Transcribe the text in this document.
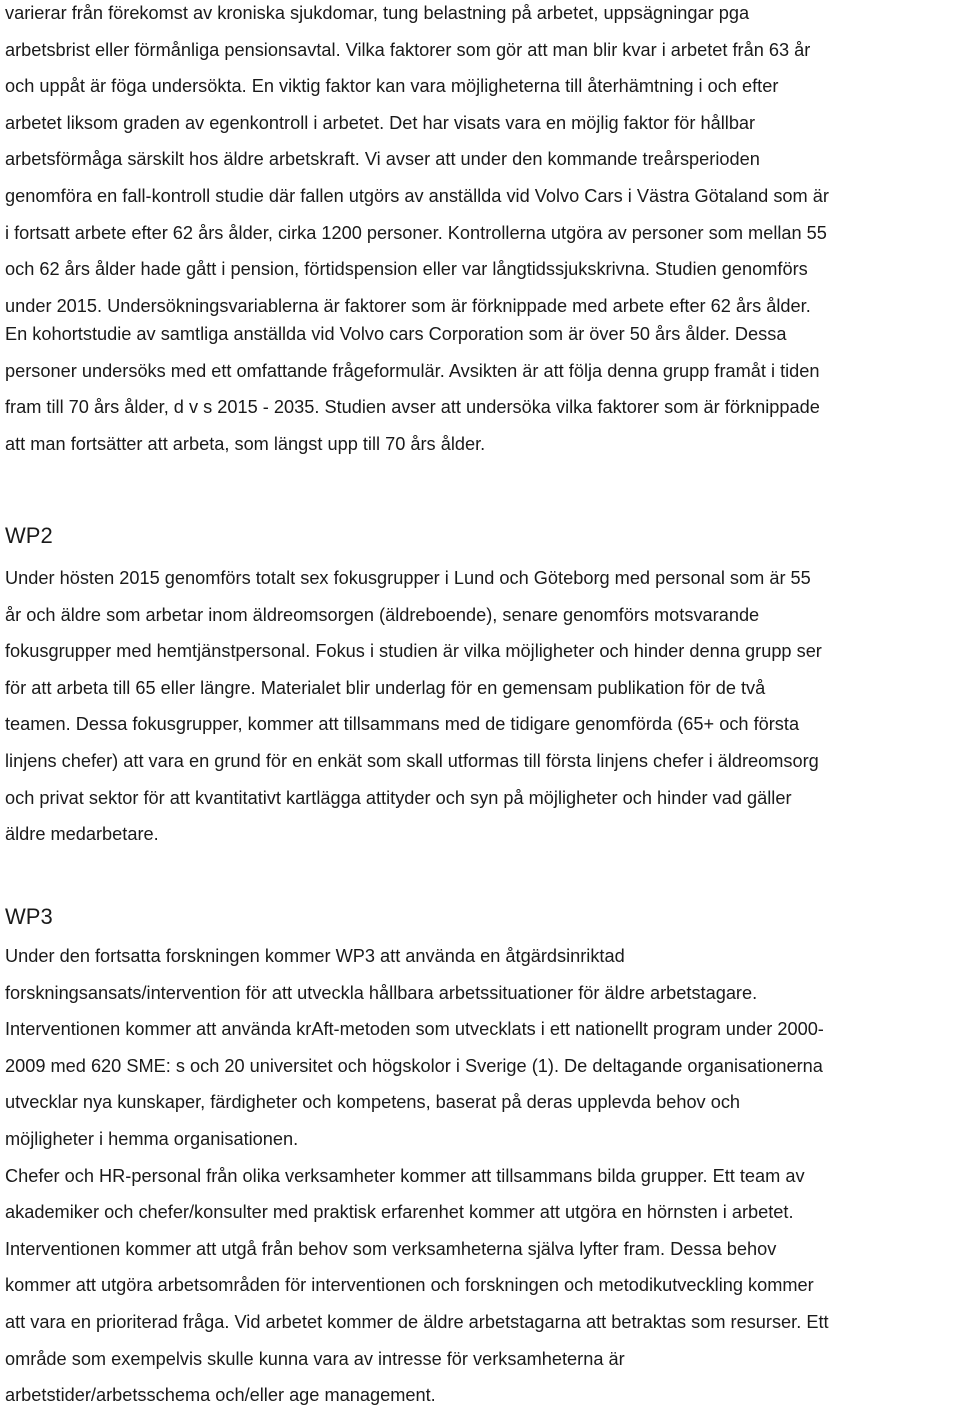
varierar från förekomst av kroniska sjukdomar, tung belastning på arbetet, uppsägningar pga
arbetsbrist eller förmånliga pensionsavtal. Vilka faktorer som gör att man blir kvar i arbetet från 63 år
och uppåt är föga undersökta. En viktig faktor kan vara möjligheterna till återhämtning i och efter
arbetet liksom graden av egenkontroll i arbetet. Det har visats vara en möjlig faktor för hållbar
arbetsförmåga särskilt hos äldre arbetskraft. Vi avser att under den kommande treårsperioden
genomföra en fall-kontroll studie där fallen utgörs av anställda vid Volvo Cars i Västra Götaland som är
i fortsatt arbete efter 62 års ålder, cirka 1200 personer. Kontrollerna utgöra av personer som mellan 55
och 62 års ålder hade gått i pension, förtidspension eller var långtidssjukskrivna. Studien genomförs
under 2015. Undersökningsvariablerna är faktorer som är förknippade med arbete efter 62 års ålder.

En kohortstudie av samtliga anställda vid Volvo cars Corporation som är över 50 års ålder. Dessa
personer undersöks med ett omfattande frågeformulär. Avsikten är att följa denna grupp framåt i tiden
fram till 70 års ålder, d v s 2015 - 2035. Studien avser att undersöka vilka faktorer som är förknippade
att man fortsätter att arbeta, som längst upp till 70 års ålder.

WP2

Under hösten 2015 genomförs totalt sex fokusgrupper i Lund och Göteborg med personal som är 55
år och äldre som arbetar inom äldreomsorgen (äldreboende), senare genomförs motsvarande
fokusgrupper med hemtjänstpersonal. Fokus i studien är vilka möjligheter och hinder denna grupp ser
för att arbeta till 65 eller längre. Materialet blir underlag för en gemensam publikation för de två
teamen. Dessa fokusgrupper, kommer att tillsammans med de tidigare genomförda (65+ och första
linjens chefer) att vara en grund för en enkät som skall utformas till första linjens chefer i äldreomsorg
och privat sektor för att kvantitativt kartlägga attityder och syn på möjligheter och hinder vad gäller
äldre medarbetare.

WP3

Under den fortsatta forskningen kommer WP3 att använda en åtgärdsinriktad
forskningsansats/intervention för att utveckla hållbara arbetssituationer för äldre arbetstagare.
Interventionen kommer att använda krAft-metoden som utvecklats i ett nationellt program under 2000-
2009 med 620 SME: s och 20 universitet och högskolor i Sverige (1). De deltagande organisationerna
utvecklar nya kunskaper, färdigheter och kompetens, baserat på deras upplevda behov och
möjligheter i hemma organisationen.
Chefer och HR-personal från olika verksamheter kommer att tillsammans bilda grupper. Ett team av
akademiker och chefer/konsulter med praktisk erfarenhet kommer att utgöra en hörnsten i arbetet.
Interventionen kommer att utgå från behov som verksamheterna själva lyfter fram. Dessa behov
kommer att utgöra arbetsområden för interventionen och forskningen och metodikutveckling kommer
att vara en prioriterad fråga. Vid arbetet kommer de äldre arbetstagarna att betraktas som resurser. Ett
område som exempelvis skulle kunna vara av intresse för verksamheterna är
arbetstider/arbetsschema och/eller age management.
